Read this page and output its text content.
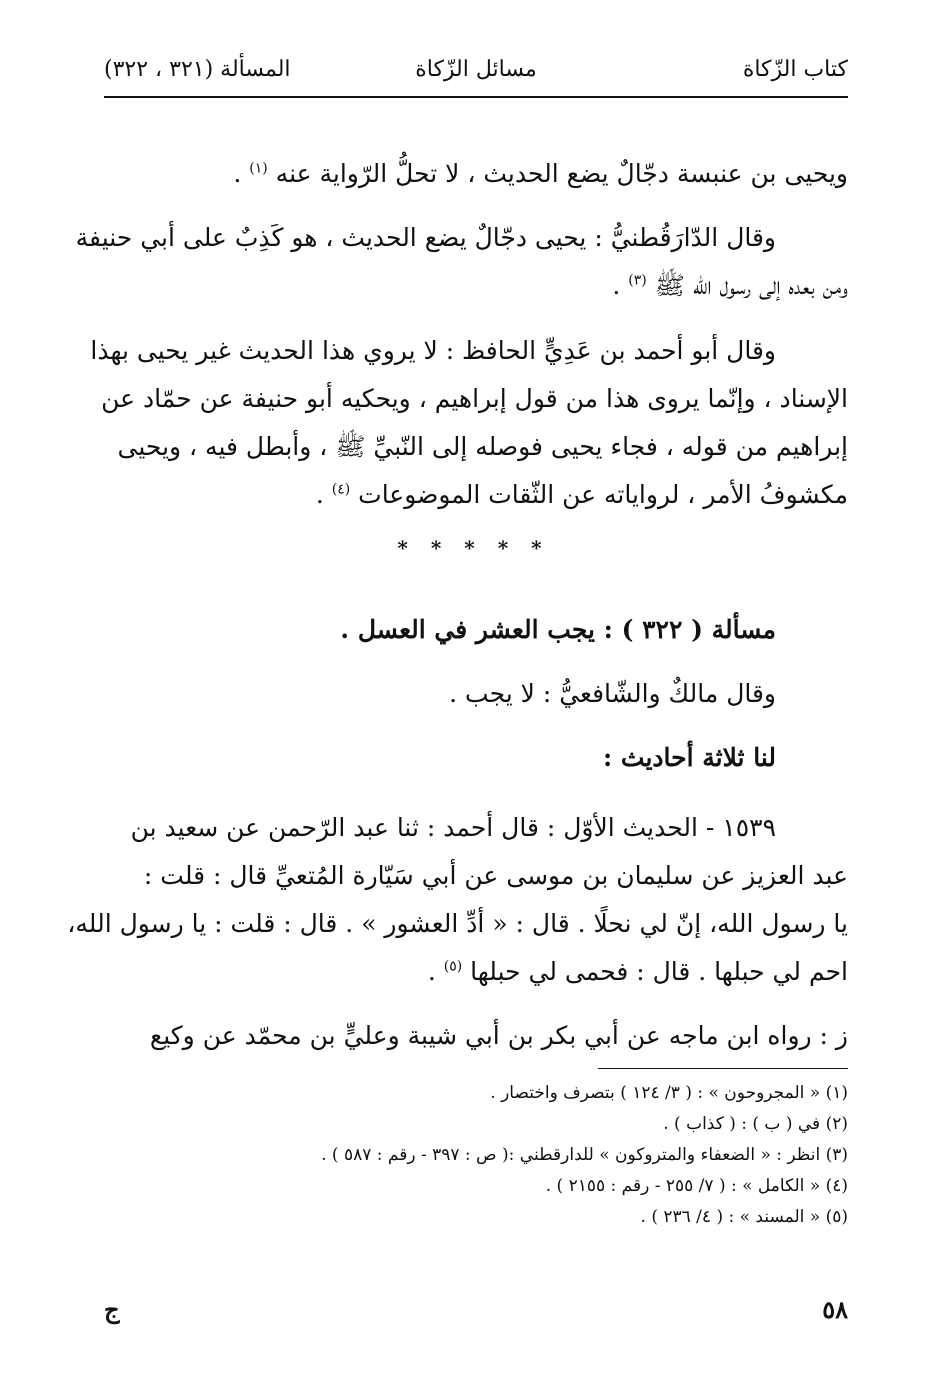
كتاب الزّكاة
مسائل الزّكاة
المسألة (٣٢١ ، ٣٢٢)
ويحيى بن عنبسة دجّالٌ يضع الحديث ، لا تحلُّ الرّواية عنه $^{(١)}$ .
وقال الدّارَقُطنيُّ : يحيى دجّالٌ يضع الحديث ، هو كَذِبٌ على أبي حنيفة
ومن بعده إلى رسول الله ﷺ $^{(٣)}$ .
وقال أبو أحمد بن عَدِيٍّ الحافظ : لا يروي هذا الحديث غير يحيى بهذا
الإسناد ، وإنّما يروى هذا من قول إبراهيم ، ويحكيه أبو حنيفة عن حمّاد عن
إبراهيم من قوله ، فجاء يحيى فوصله إلى النّبيِّ ﷺ ، وأبطل فيه ، ويحيى
مكشوفُ الأمر ، لرواياته عن الثّقات الموضوعات $^{(٤)}$ .
مسألة ( ٣٢٢ ) : يجب العشر في العسل .
وقال مالكٌ والشّافعيُّ : لا يجب .
لنا ثلاثة أحاديث :
١٥٣٩ - الحديث الأوّل : قال أحمد : ثنا عبد الرّحمن عن سعيد بن
عبد العزيز عن سليمان بن موسى عن أبي سَيّارة المُتعيِّ قال : قلت :
يا رسول الله، إنّ لي نحلًا . قال : « أدِّ العشور » . قال : قلت : يا رسول الله،
احم لي حبلها . قال : فحمى لي حبلها $^{(٥)}$ .
ز : رواه ابن ماجه عن أبي بكر بن أبي شيبة وعليٍّ بن محمّد عن وكيع
* * * * *
(١) « المجروحون » : ( ٣/ ١٢٤ ) بتصرف واختصار .
(٢) في ( ب ) : ( كذاب ) .
(٣) انظر : « الضعفاء والمتروكون » للدارقطني :( ص : ٣٩٧ - رقم : ٥٨٧ ) .
(٤) « الكامل » : ( ٧/ ٢٥٥ - رقم : ٢١٥٥ ) .
(٥) « المسند » : ( ٤/ ٢٣٦ ) .
٥٨
ج
